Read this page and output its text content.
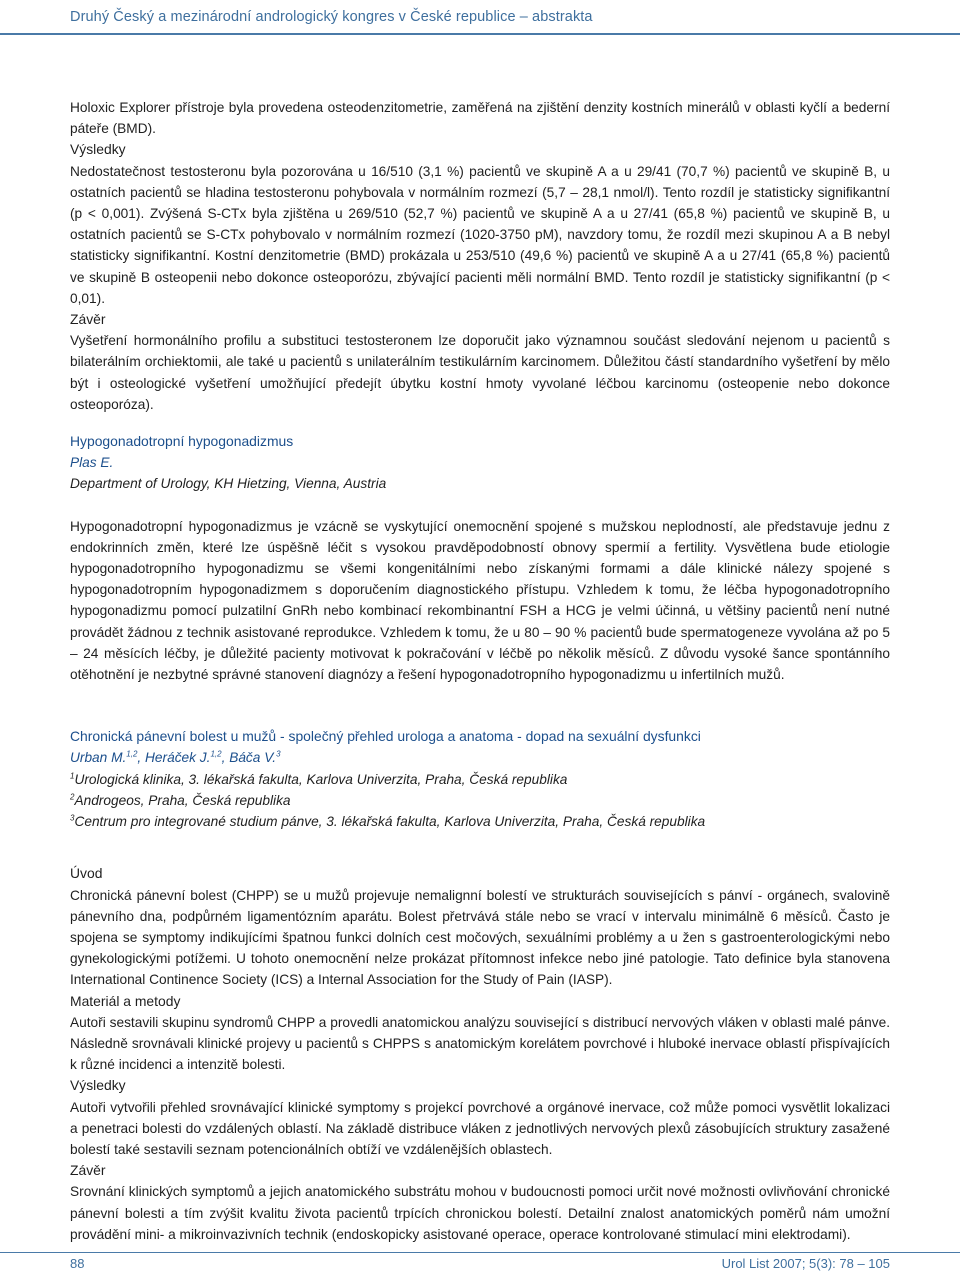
Druhý Český a mezinárodní andrologický kongres v České republice – abstrakta

Holoxic Explorer přístroje byla provedena osteodenzitometrie, zaměřená na zjištění denzity kostních minerálů v oblasti kyčlí a bederní páteře (BMD).

Výsledky

Nedostatečnost testosteronu byla pozorována u 16/510 (3,1 %) pacientů ve skupině A a u 29/41 (70,7 %) pacientů ve skupině B, u ostatních pacientů se hladina testosteronu pohybovala v normálním rozmezí (5,7 – 28,1 nmol/l). Tento rozdíl je statisticky signifikantní (p < 0,001). Zvýšená S-CTx byla zjištěna u 269/510 (52,7 %) pacientů ve skupině A a u 27/41 (65,8 %) pacientů ve skupině B, u ostatních pacientů se S-CTx pohybovalo v normálním rozmezí (1020-3750 pM), navzdory tomu, že rozdíl mezi skupinou A a B nebyl statisticky signifikantní. Kostní denzitometrie (BMD) prokázala u 253/510 (49,6 %) pacientů ve skupině A a u 27/41 (65,8 %) pacientů ve skupině B osteopenii nebo dokonce osteoporózu, zbývající pacienti měli normální BMD. Tento rozdíl je statisticky signifikantní (p < 0,01).

Závěr

Vyšetření hormonálního profilu a substituci testosteronem lze doporučit jako významnou součást sledování nejenom u pacientů s bilaterálním orchiektomii, ale také u pacientů s unilaterálním testikulárním karcinomem. Důležitou částí standardního vyšetření by mělo být i osteologické vyšetření umožňující předejít úbytku kostní hmoty vyvolané léčbou karcinomu (osteopenie nebo dokonce osteoporóza).

Hypogonadotropní hypogonadizmus

Plas E.

Department of Urology, KH Hietzing, Vienna, Austria

Hypogonadotropní hypogonadizmus je vzácně se vyskytující onemocnění spojené s mužskou neplodností, ale představuje jednu z endokrinních změn, které lze úspěšně léčit s vysokou pravděpodobností obnovy spermií a fertility. Vysvětlena bude etiologie hypogonadotropního hypogonadizmu se všemi kongenitálními nebo získanými formami a dále klinické nálezy spojené s hypogonadotropním hypogonadizmem s doporučením diagnostického přístupu. Vzhledem k tomu, že léčba hypogonadotropního hypogonadizmu pomocí pulzatilní GnRh nebo kombinací rekombinantní FSH a HCG je velmi účinná, u většiny pacientů není nutné provádět žádnou z technik asistované reprodukce. Vzhledem k tomu, že u 80 – 90 % pacientů bude spermatogeneze vyvolána až po 5 – 24 měsících léčby, je důležité pacienty motivovat k pokračování v léčbě po několik měsíců. Z důvodu vysoké šance spontánního otěhotnění je nezbytné správné stanovení diagnózy a řešení hypogonadotropního hypogonadizmu u infertilních mužů.

Chronická pánevní bolest u mužů - společný přehled urologa a anatoma - dopad na sexuální dysfunkci

Urban M.$^{1,2}$, Heráček J.$^{1,2}$, Báča V.$^3$

$^1$Urologická klinika, 3. lékařská fakulta, Karlova Univerzita, Praha, Česká republika

$^2$Androgeos, Praha, Česká republika

$^3$Centrum pro integrované studium pánve, 3. lékařská fakulta, Karlova Univerzita, Praha, Česká republika

Úvod

Chronická pánevní bolest (CHPP) se u mužů projevuje nemalignní bolestí ve strukturách souvisejících s pánví - orgánech, svalovině pánevního dna, podpůrném ligamentózním aparátu. Bolest přetrvává stále nebo se vrací v intervalu minimálně 6 měsíců. Často je spojena se symptomy indikujícími špatnou funkci dolních cest močových, sexuálními problémy a u žen s gastroenterologickými nebo gynekologickými potížemi. U tohoto onemocnění nelze prokázat přítomnost infekce nebo jiné patologie. Tato definice byla stanovena International Continence Society (ICS) a Internal Association for the Study of Pain (IASP).

Materiál a metody

Autoři sestavili skupinu syndromů CHPP a provedli anatomickou analýzu související s distribucí nervových vláken v oblasti malé pánve. Následně srovnávali klinické projevy u pacientů s CHPPS s anatomickým korelátem povrchové i hluboké inervace oblastí přispívajících k různé incidenci a intenzitě bolesti.

Výsledky

Autoři vytvořili přehled srovnávající klinické symptomy s projekcí povrchové a orgánové inervace, což může pomoci vysvětlit lokalizaci a penetraci bolesti do vzdálených oblastí. Na základě distribuce vláken z jednotlivých nervových plexů zásobujících struktury zasažené bolestí také sestavili seznam potencionálních obtíží ve vzdálenějších oblastech.

Závěr

Srovnání klinických symptomů a jejich anatomického substrátu mohou v budoucnosti pomoci určit nové možnosti ovlivňování chronické pánevní bolesti a tím zvýšit kvalitu života pacientů trpících chronickou bolestí. Detailní znalost anatomických poměrů nám umožní provádění mini- a mikroinvazivních technik (endoskopicky asistované operace, operace kontrolované stimulací mini elektrodami).

88	Urol List 2007; 5(3): 78 – 105
